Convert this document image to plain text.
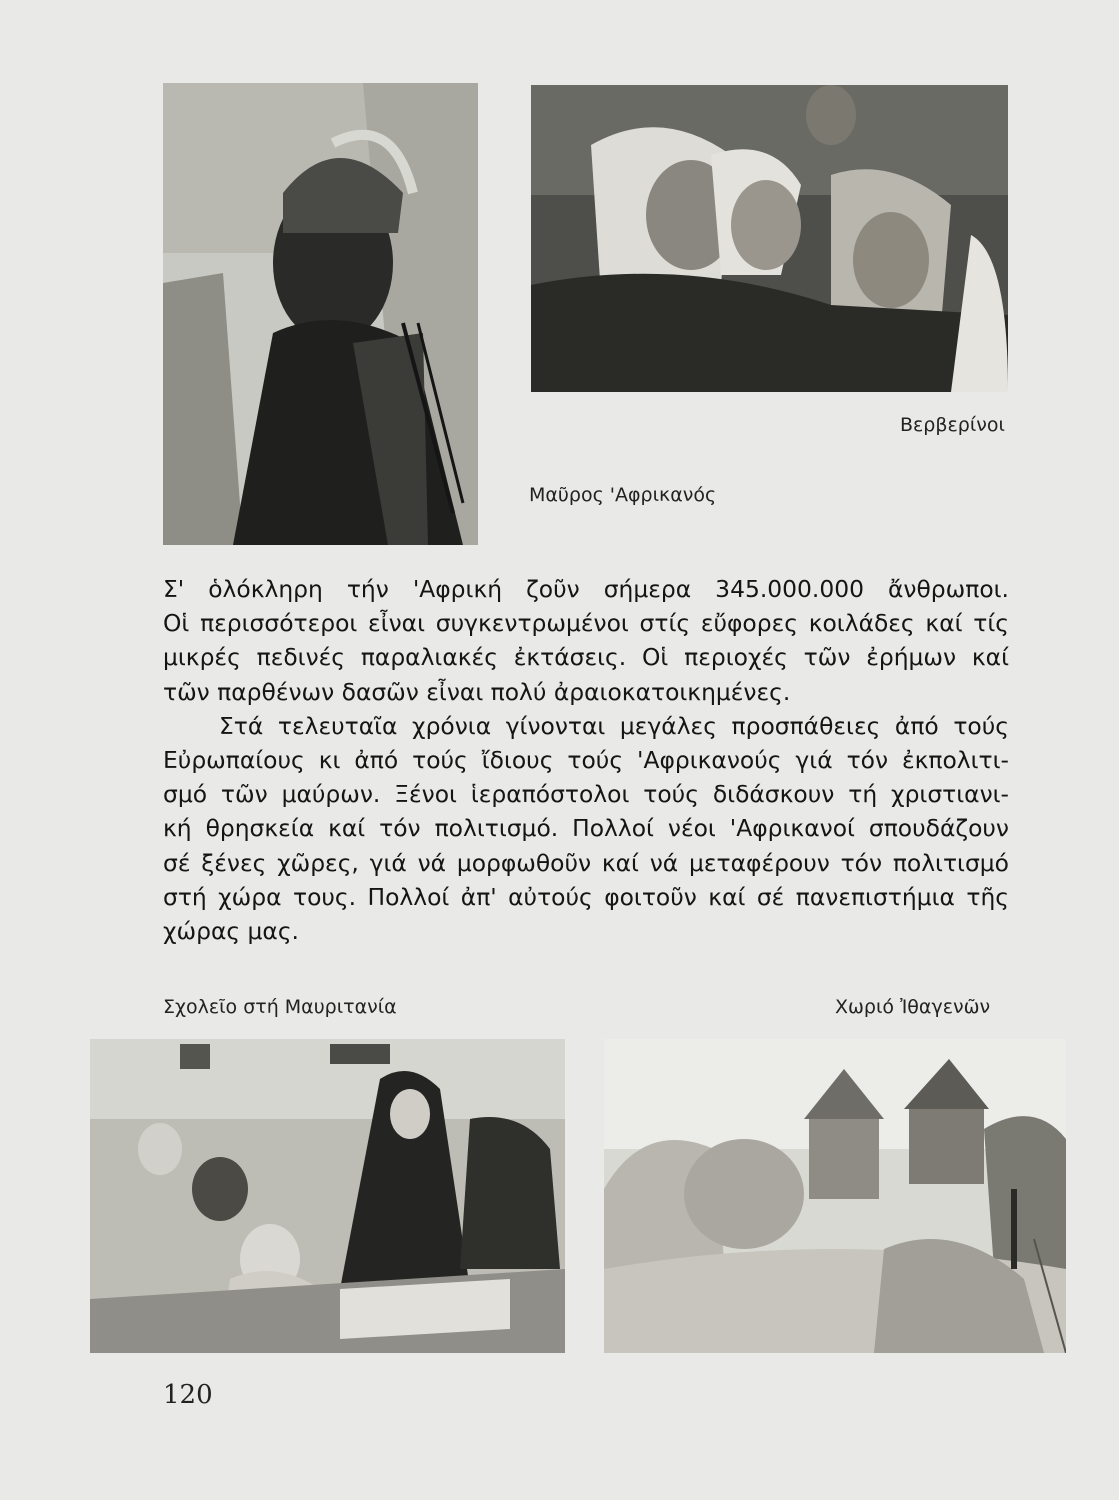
Βερβερίνοι
Μαῦρος 'Αφρικανός
Σ' ὁλόκληρη τήν 'Αφρική ζοῦν σήμερα 345.000.000 ἄνθρωποι.
Οἱ περισσότεροι εἶναι συγκεντρωμένοι στίς εὔφορες κοιλάδες καί τίς
μικρές πεδινές παραλιακές ἐκτάσεις. Οἱ περιοχές τῶν ἐρήμων καί
τῶν παρθένων δασῶν εἶναι πολύ ἀραιοκατοικημένες.
Στά τελευταῖα χρόνια γίνονται μεγάλες προσπάθειες ἀπό τούς
Εὐρωπαίους κι ἀπό τούς ἴδιους τούς 'Αφρικανούς γιά τόν ἐκπολιτι-
σμό τῶν μαύρων. Ξένοι ἱεραπόστολοι τούς διδάσκουν τή χριστιανι-
κή θρησκεία καί τόν πολιτισμό. Πολλοί νέοι 'Αφρικανοί σπουδάζουν
σέ ξένες χῶρες, γιά νά μορφωθοῦν καί νά μεταφέρουν τόν πολιτισμό
στή χώρα τους. Πολλοί ἀπ' αὐτούς φοιτοῦν καί σέ πανεπιστήμια τῆς
χώρας μας.
Σχολεῖο στή Μαυριτανία	Χωριό Ἰθαγενῶν
120
